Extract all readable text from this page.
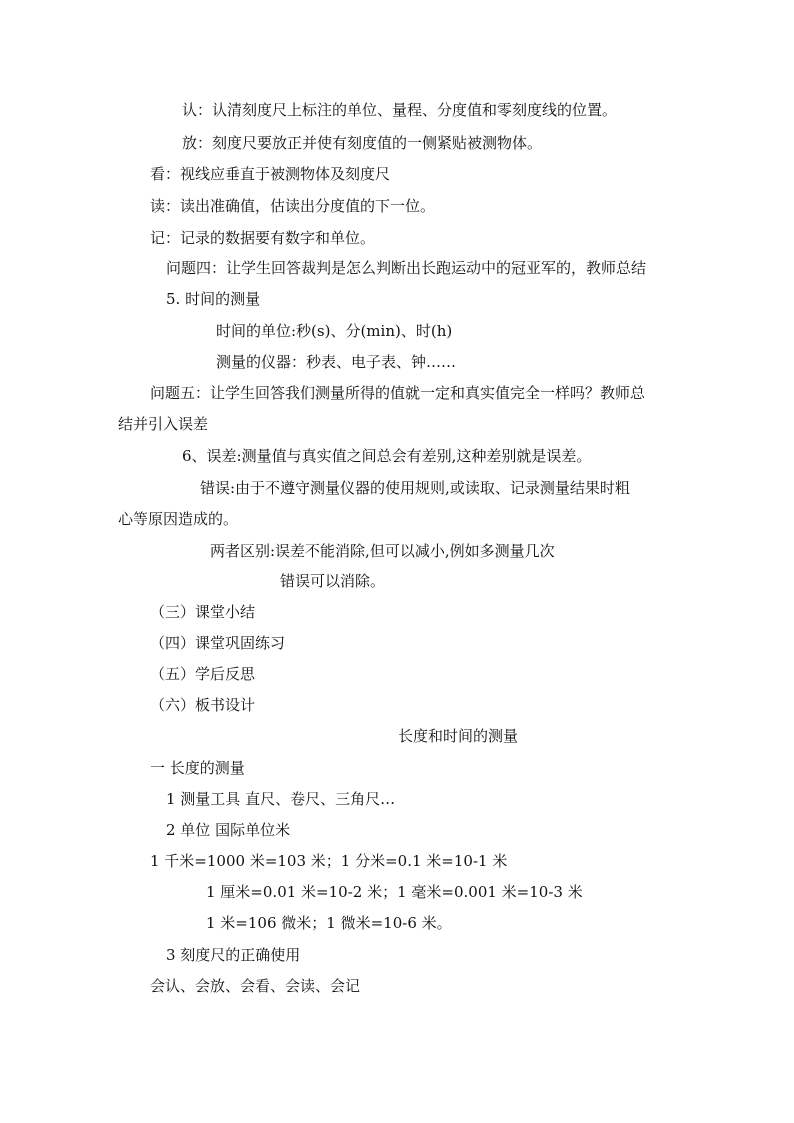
认：认清刻度尺上标注的单位、量程、分度值和零刻度线的位置。
放：刻度尺要放正并使有刻度值的一侧紧贴被测物体。
看：视线应垂直于被测物体及刻度尺
读：读出准确值，估读出分度值的下一位。
记：记录的数据要有数字和单位。
问题四：让学生回答裁判是怎么判断出长跑运动中的冠亚军的，教师总结
5. 时间的测量
时间的单位:秒(s)、分(min)、时(h)
测量的仪器：秒表、电子表、钟……
问题五：让学生回答我们测量所得的值就一定和真实值完全一样吗？教师总
结并引入误差
6、误差:测量值与真实值之间总会有差别,这种差别就是误差。
错误:由于不遵守测量仪器的使用规则,或读取、记录测量结果时粗
心等原因造成的。
两者区别:误差不能消除,但可以减小,例如多测量几次
错误可以消除。
（三）课堂小结
（四）课堂巩固练习
（五）学后反思
（六）板书设计
长度和时间的测量
一 长度的测量
1 测量工具 直尺、卷尺、三角尺…
2 单位 国际单位米
1 千米=1000 米=103 米；1 分米=0.1 米=10-1 米
1 厘米=0.01 米=10-2 米；1 毫米=0.001 米=10-3 米
1 米=106 微米；1 微米=10-6 米。
3 刻度尺的正确使用
会认、会放、会看、会读、会记
